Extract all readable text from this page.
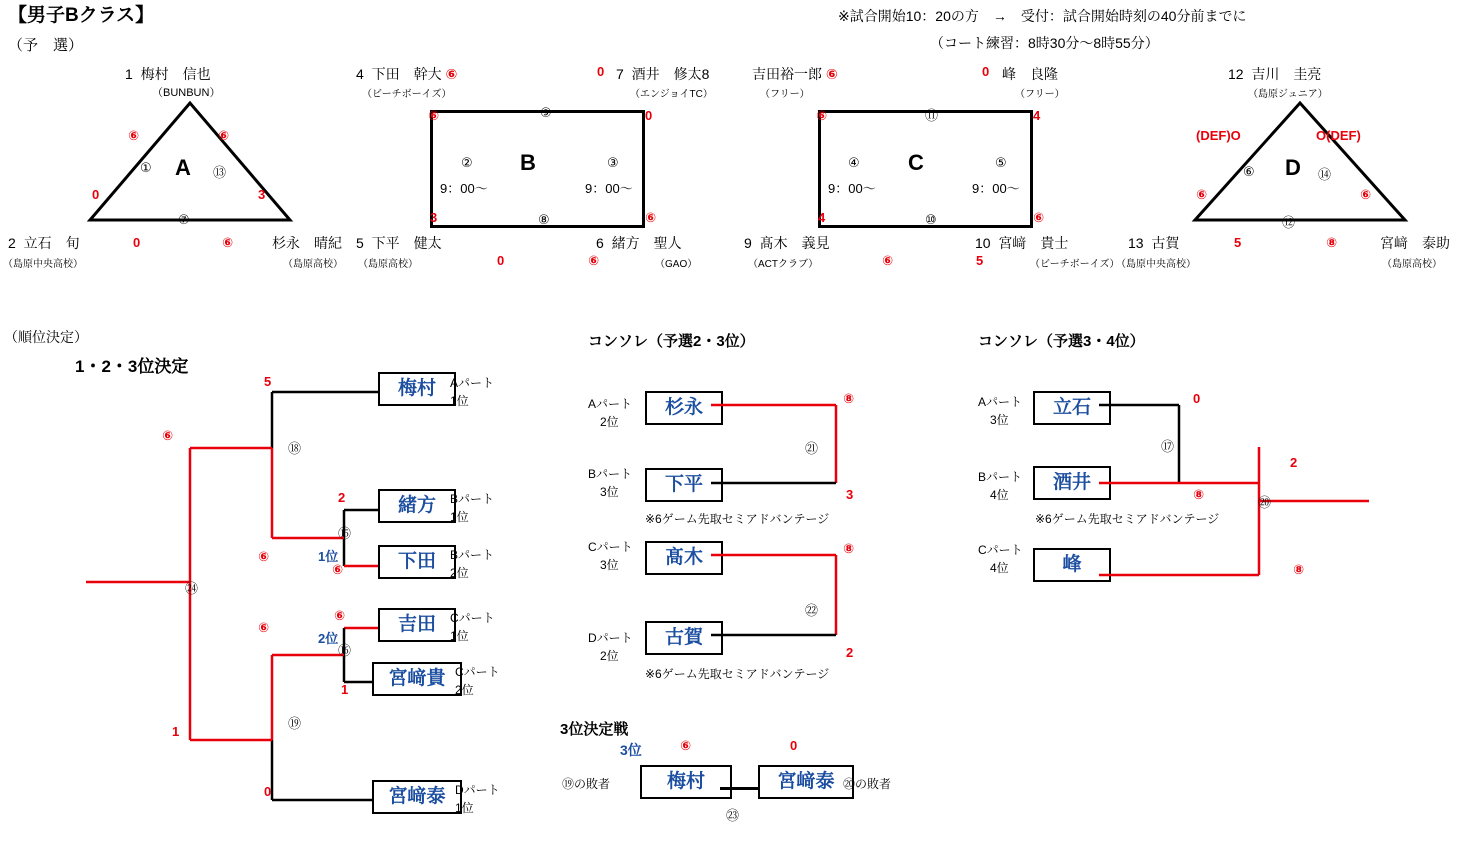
【男子Bクラス】
（予　選）
※試合開始10：20の方　→　受付：試合開始時刻の40分前までに
（コート練習：8時30分〜8時55分）
1 梅村　信也
（BUNBUN）
A
①	⑬
⑦
⑥	⑥
0	3
0	⑥
2 立石　旬
（島原中央高校）
杉永　晴紀
（島原高校）
4 下田　幹大 ⑥
（ビーチボーイズ）
0 7 酒井　修太8
（エンジョイTC）
B
⑨
②	③
⑧
9：00〜	9：00〜
⑥	0
3	⑥
5 下平　健太
（島原高校）	0
6 緒方　聖人
（GAO）
⑥
吉田裕一郎 ⑥
（フリー）
0 峰　良隆
（フリー）
C
⑪
④	⑤
⑩
9：00〜	9：00〜
⑥	4
4	⑥
9 髙木　義見
（ACTクラブ）	⑥
10 宮﨑　貴士
（ビーチボーイズ）
5
12 吉川　圭亮
（島原ジュニア）
D
⑥	⑭
⑫
(DEF)O	O(DEF)
⑥	⑥
5	⑧
13 古賀
（島原中央高校）
宮﨑　泰助
（島原高校）
（順位決定）
1・2・3位決定
梅村	Aパート
1位
緒方	Bパート
1位
下田	Bパート
2位
吉田	Cパート
1位
宮﨑貴 Cパート
2位
宮﨑泰 Dパート
1位
5
2
⑥
⑥
1
0
⑥
⑥
⑥
1
1位
2位
⑱
⑮
⑯
⑲
㉔
コンソレ（予選2・3位）
Aパート
2位
杉永
Bパート
3位	下平
⑧
3
㉑
※6ゲーム先取セミアドバンテージ
Cパート
3位	髙木
Dパート
2位
古賀
⑧
2
㉒
※6ゲーム先取セミアドバンテージ
コンソレ（予選3・4位）
Aパート
3位
立石
Bパート
4位
酒井
Cパート
4位	峰
0
⑧
⑧
2
⑰
⑳
※6ゲーム先取セミアドバンテージ
3位決定戦
3位
⑲の敗者	梅村	宮﨑泰 ⑳の敗者
⑥	0
㉓
